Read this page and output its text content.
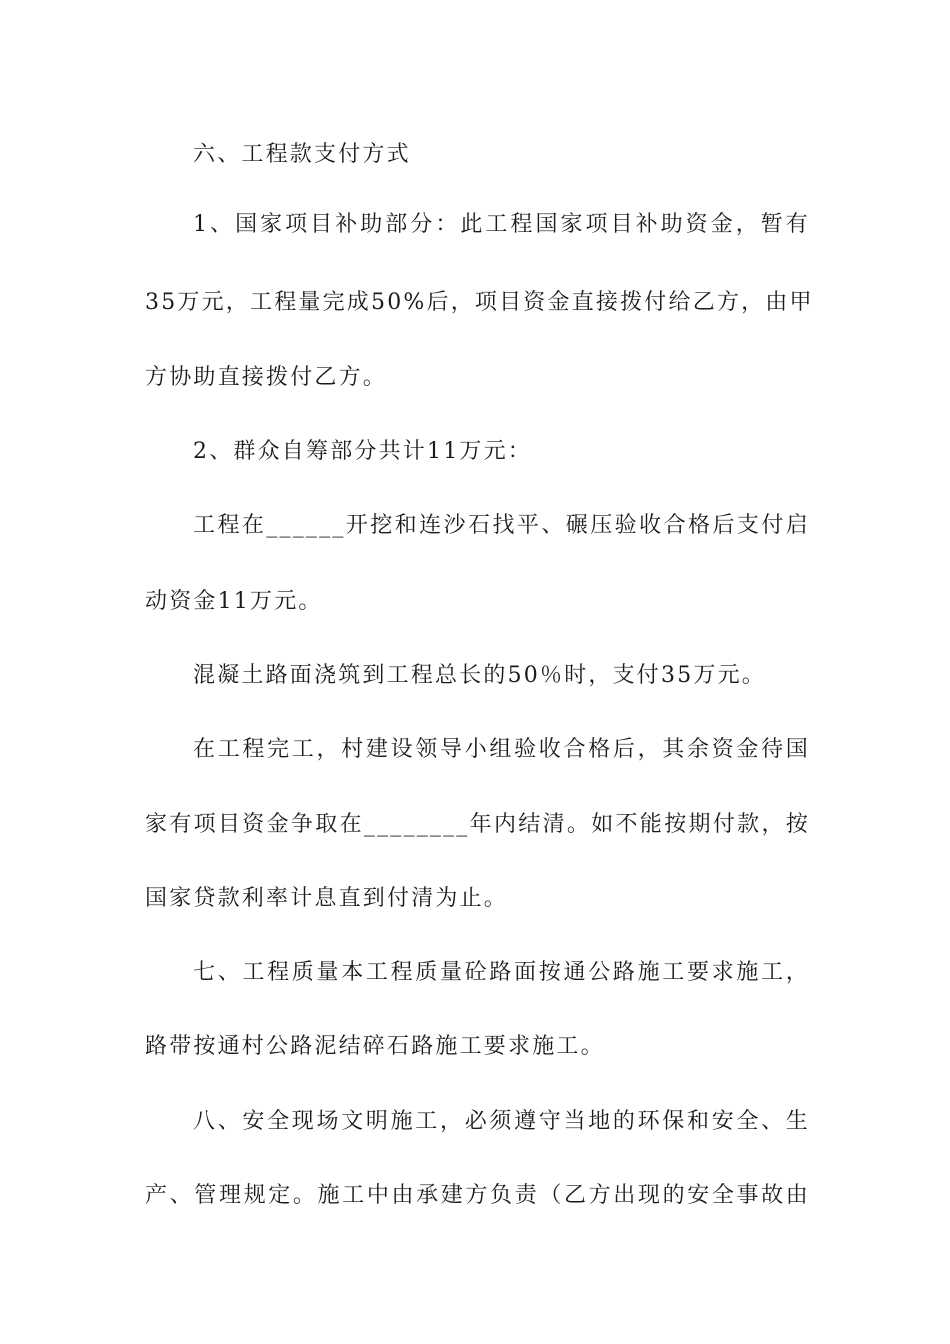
六、工程款支付方式
1、国家项目补助部分：此工程国家项目补助资金，暂有
35万元，工程量完成50%后，项目资金直接拨付给乙方，由甲
方协助直接拨付乙方。
2、群众自筹部分共计11万元：
工程在______开挖和连沙石找平、碾压验收合格后支付启
动资金11万元。
混凝土路面浇筑到工程总长的50％时，支付35万元。
在工程完工，村建设领导小组验收合格后，其余资金待国
家有项目资金争取在________年内结清。如不能按期付款，按
国家贷款利率计息直到付清为止。
七、工程质量本工程质量砼路面按通公路施工要求施工，
路带按通村公路泥结碎石路施工要求施工。
八、安全现场文明施工，必须遵守当地的环保和安全、生
产、管理规定。施工中由承建方负责（乙方出现的安全事故由
